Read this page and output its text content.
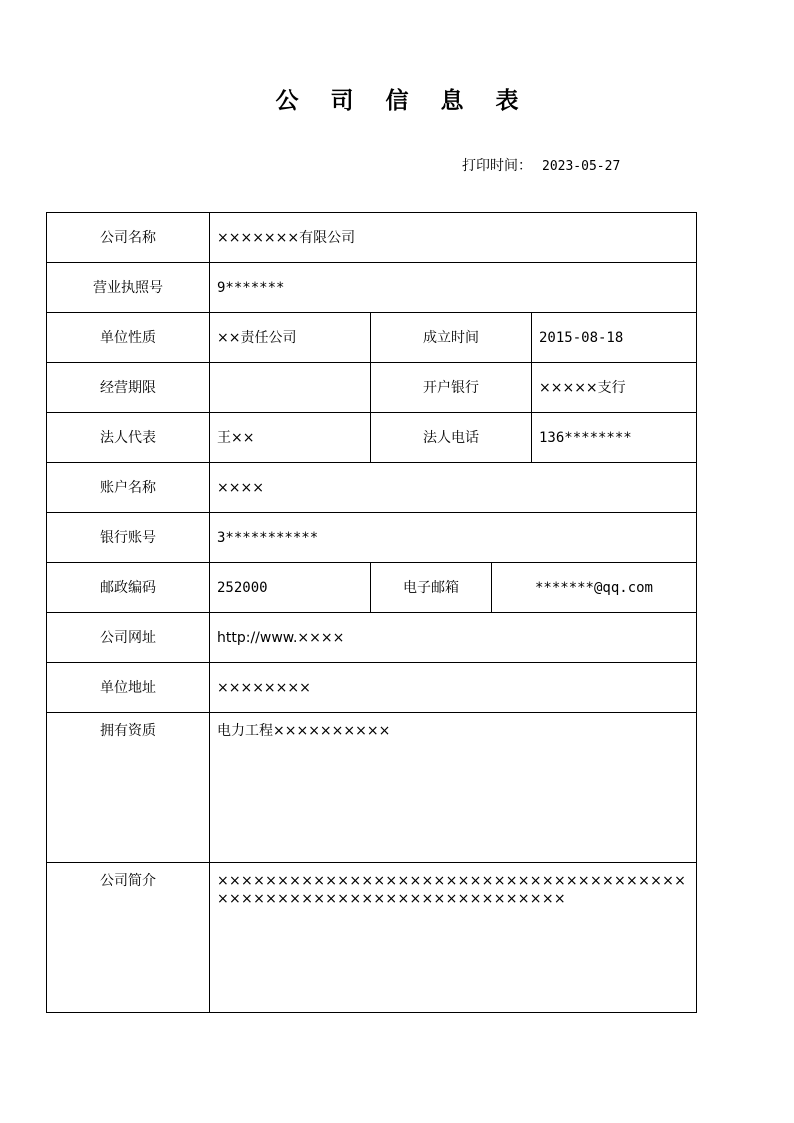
公 司 信 息 表
打印时间： 2023-05-27
公司名称	×××××××有限公司			
营业执照号	9*******			
单位性质	××责任公司	成立时间		2015-08-18
经营期限		开户银行		×××××支行
法人代表	王××	法人电话		136********
账户名称	××××			
银行账号	3***********			
邮政编码	252000	电子邮箱	*******@qq.com	
公司网址	http://www.××××			
单位地址	××××××××			
拥有资质	电力工程××××××××××			
公司简介	××××××××××××××××××××××××××××××××××××××××××××××××××××××××××××××××××××			
